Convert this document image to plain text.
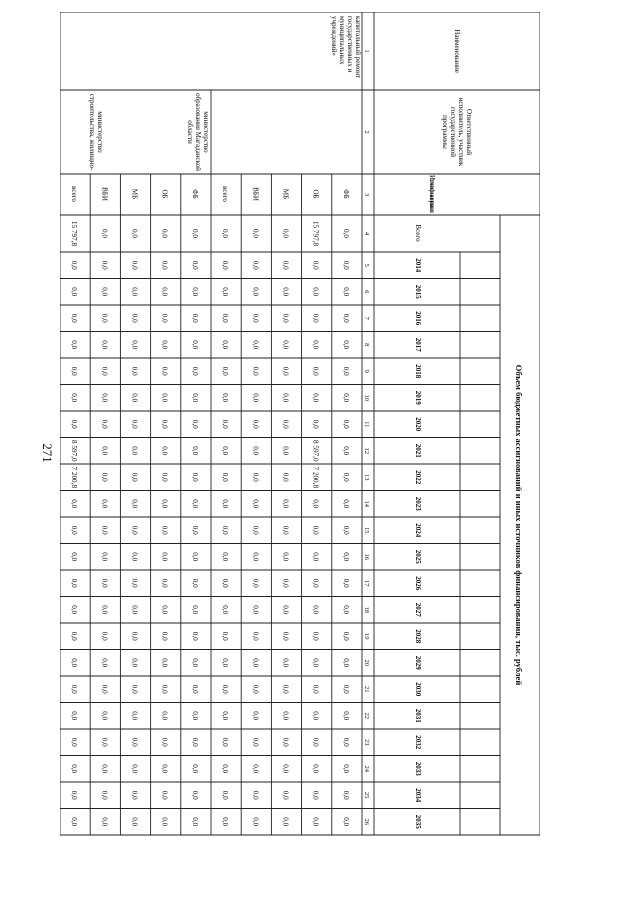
271	Объем бюджетных ассигнований и иных источников финансирования, тыс. рублей
Источник финансирования
Всего
2014
2015
2016
2017
2018
2019
2020
2021
2022
2023
2024
2025
2026
2027
2028
2029
2030
2031
2032
2033
2034
2035
1
2
3
4
5
6
7
8
9
10
11
12
13
14
15
16
17
18
19
20
21
22
23
24
25
26
ФБ
0,0
0,0
0,0
0,0
0,0
0,0
0,0
0,0
0,0
0,0
0,0
0,0
0,0
0,0
0,0
0,0
0,0
0,0
0,0
0,0
0,0
0,0
0,0
ОБ
15 797,8
0,0
0,0
0,0
0,0
0,0
0,0
0,0
8 597,0
7 200,8
0,0
0,0
0,0
0,0
0,0
0,0
0,0
0,0
0,0
0,0
0,0
0,0
0,0
МБ
0,0
0,0
0,0
0,0
0,0
0,0
0,0
0,0
0,0
0,0
0,0
0,0
0,0
0,0
0,0
0,0
0,0
0,0
0,0
0,0
0,0
0,0
0,0
ВБИ
0,0
0,0
0,0
0,0
0,0
0,0
0,0
0,0
0,0
0,0
0,0
0,0
0,0
0,0
0,0
0,0
0,0
0,0
0,0
0,0
0,0
0,0
0,0
всего
0,0
0,0
0,0
0,0
0,0
0,0
0,0
0,0
0,0
0,0
0,0
0,0
0,0
0,0
0,0
0,0
0,0
0,0
0,0
0,0
0,0
0,0
0,0
ФБ
0,0
0,0
0,0
0,0
0,0
0,0
0,0
0,0
0,0
0,0
0,0
0,0
0,0
0,0
0,0
0,0
0,0
0,0
0,0
0,0
0,0
0,0
0,0
ОБ
0,0
0,0
0,0
0,0
0,0
0,0
0,0
0,0
0,0
0,0
0,0
0,0
0,0
0,0
0,0
0,0
0,0
0,0
0,0
0,0
0,0
0,0
0,0
МБ
0,0
0,0
0,0
0,0
0,0
0,0
0,0
0,0
0,0
0,0
0,0
0,0
0,0
0,0
0,0
0,0
0,0
0,0
0,0
0,0
0,0
0,0
0,0
ВБИ
0,0
0,0
0,0
0,0
0,0
0,0
0,0
0,0
0,0
0,0
0,0
0,0
0,0
0,0
0,0
0,0
0,0
0,0
0,0
0,0
0,0
0,0
0,0
всего
15 797,8
0,0
0,0
0,0
0,0
0,0
0,0
0,0
8 597,0
7 200,8
0,0
0,0
0,0
0,0
0,0
0,0
0,0
0,0
0,0
0,0
0,0
0,0
0,0
Наименование
Ответственный исполнитель, участник государственной программы
капитальный ремонт государственных и муниципальных учреждений»
министерство образования Магаданской области
министерство строительства, жилищно-
